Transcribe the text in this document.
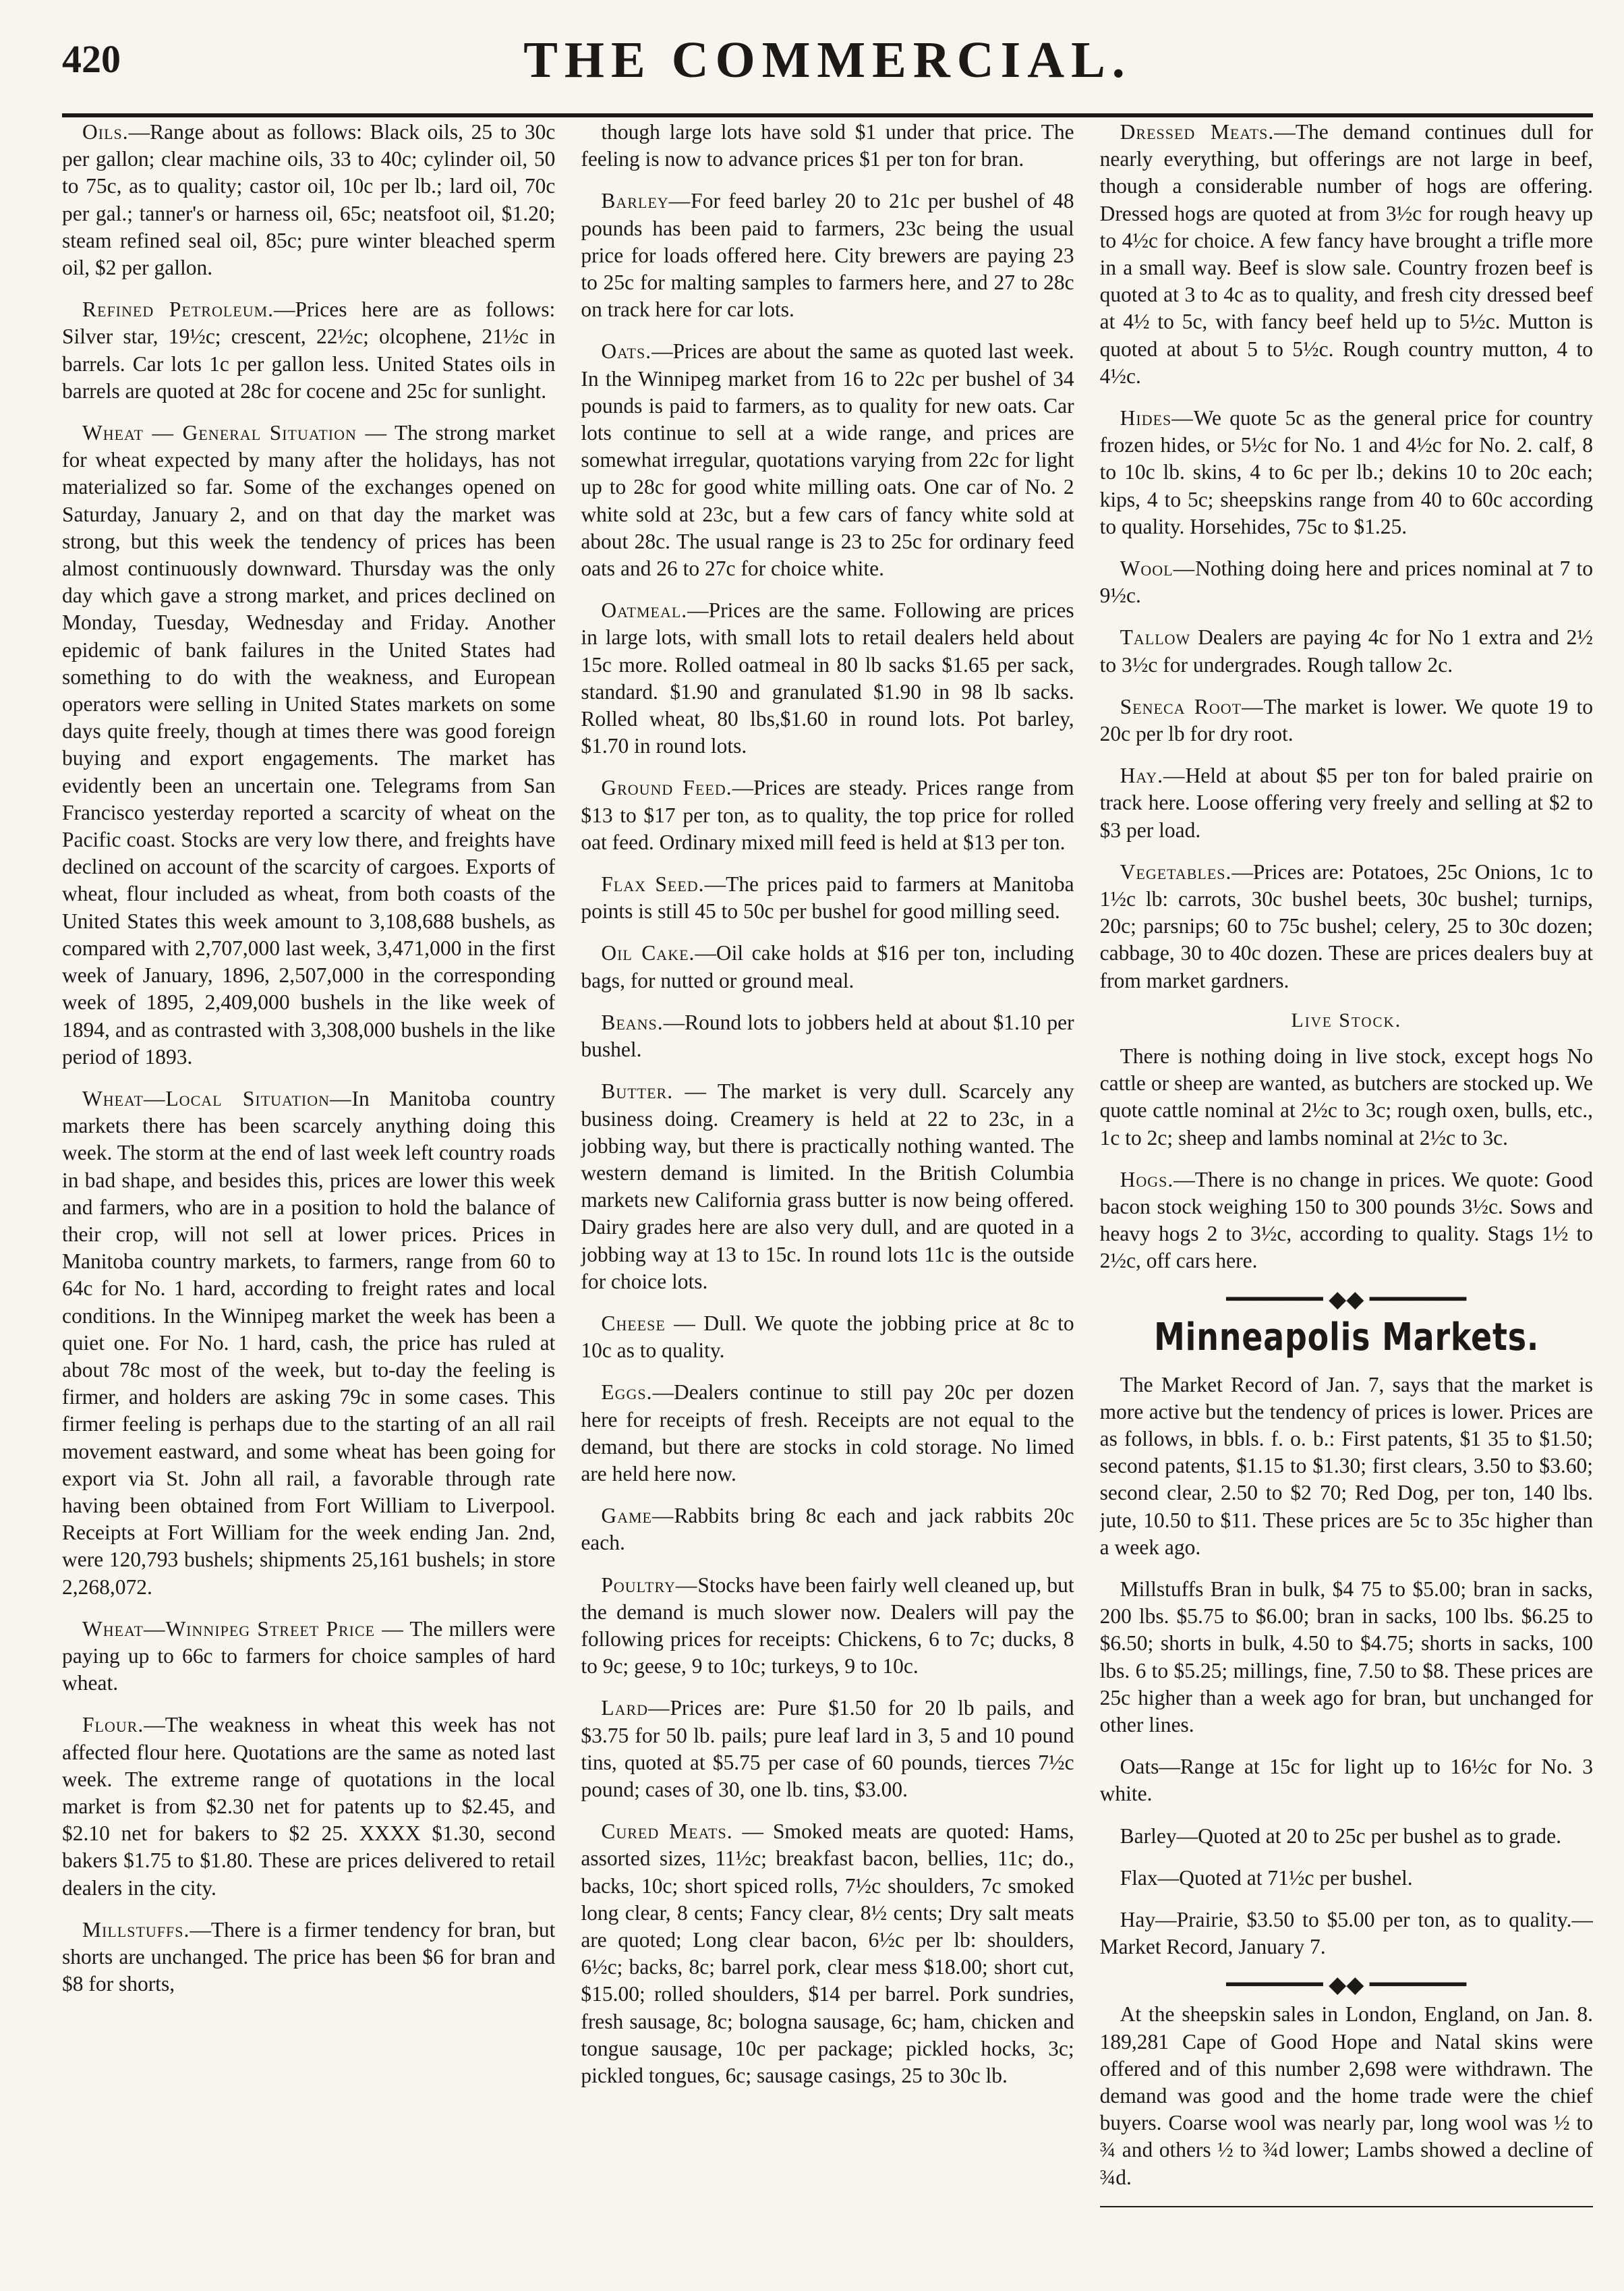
420	THE COMMERCIAL.

Oils.—Range about as follows: Black oils, 25 to 30c per gallon; clear machine oils, 33 to 40c; cylinder oil, 50 to 75c, as to quality; castor oil, 10c per lb.; lard oil, 70c per gal.; tanner's or harness oil, 65c; neatsfoot oil, $1.20; steam refined seal oil, 85c; pure winter bleached sperm oil, $2 per gallon.

Refined Petroleum.—Prices here are as follows: Silver star, 19½c; crescent, 22½c; olcophene, 21½c in barrels. Car lots 1c per gallon less. United States oils in barrels are quoted at 28c for cocene and 25c for sunlight.

Wheat — General Situation — The strong market for wheat expected by many after the holidays, has not materialized so far. Some of the exchanges opened on Saturday, January 2, and on that day the market was strong, but this week the tendency of prices has been almost continuously downward. Thursday was the only day which gave a strong market, and prices declined on Monday, Tuesday, Wednesday and Friday. Another epidemic of bank failures in the United States had something to do with the weakness, and European operators were selling in United States markets on some days quite freely, though at times there was good foreign buying and export engagements. The market has evidently been an uncertain one. Telegrams from San Francisco yesterday reported a scarcity of wheat on the Pacific coast. Stocks are very low there, and freights have declined on account of the scarcity of cargoes. Exports of wheat, flour included as wheat, from both coasts of the United States this week amount to 3,108,688 bushels, as compared with 2,707,000 last week, 3,471,000 in the first week of January, 1896, 2,507,000 in the corresponding week of 1895, 2,409,000 bushels in the like week of 1894, and as contrasted with 3,308,000 bushels in the like period of 1893.

Wheat—Local Situation—In Manitoba country markets there has been scarcely anything doing this week. The storm at the end of last week left country roads in bad shape, and besides this, prices are lower this week and farmers, who are in a position to hold the balance of their crop, will not sell at lower prices. Prices in Manitoba country markets, to farmers, range from 60 to 64c for No. 1 hard, according to freight rates and local conditions. In the Winnipeg market the week has been a quiet one. For No. 1 hard, cash, the price has ruled at about 78c most of the week, but to-day the feeling is firmer, and holders are asking 79c in some cases. This firmer feeling is perhaps due to the starting of an all rail movement eastward, and some wheat has been going for export via St. John all rail, a favorable through rate having been obtained from Fort William to Liverpool. Receipts at Fort William for the week ending Jan. 2nd, were 120,793 bushels; shipments 25,161 bushels; in store 2,268,072.

Wheat—Winnipeg Street Price — The millers were paying up to 66c to farmers for choice samples of hard wheat.

Flour.—The weakness in wheat this week has not affected flour here. Quotations are the same as noted last week. The extreme range of quotations in the local market is from $2.30 net for patents up to $2.45, and $2.10 net for bakers to $2 25. XXXX $1.30, second bakers $1.75 to $1.80. These are prices delivered to retail dealers in the city.

Millstuffs.—There is a firmer tendency for bran, but shorts are unchanged. The price has been $6 for bran and $8 for shorts,

though large lots have sold $1 under that price. The feeling is now to advance prices $1 per ton for bran.

Barley—For feed barley 20 to 21c per bushel of 48 pounds has been paid to farmers, 23c being the usual price for loads offered here. City brewers are paying 23 to 25c for malting samples to farmers here, and 27 to 28c on track here for car lots.

Oats.—Prices are about the same as quoted last week. In the Winnipeg market from 16 to 22c per bushel of 34 pounds is paid to farmers, as to quality for new oats. Car lots continue to sell at a wide range, and prices are somewhat irregular, quotations varying from 22c for light up to 28c for good white milling oats. One car of No. 2 white sold at 23c, but a few cars of fancy white sold at about 28c. The usual range is 23 to 25c for ordinary feed oats and 26 to 27c for choice white.

Oatmeal.—Prices are the same. Following are prices in large lots, with small lots to retail dealers held about 15c more. Rolled oatmeal in 80 lb sacks $1.65 per sack, standard. $1.90 and granulated $1.90 in 98 lb sacks. Rolled wheat, 80 lbs,$1.60 in round lots. Pot barley, $1.70 in round lots.

Ground Feed.—Prices are steady. Prices range from $13 to $17 per ton, as to quality, the top price for rolled oat feed. Ordinary mixed mill feed is held at $13 per ton.

Flax Seed.—The prices paid to farmers at Manitoba points is still 45 to 50c per bushel for good milling seed.

Oil Cake.—Oil cake holds at $16 per ton, including bags, for nutted or ground meal.

Beans.—Round lots to jobbers held at about $1.10 per bushel.

Butter. — The market is very dull. Scarcely any business doing. Creamery is held at 22 to 23c, in a jobbing way, but there is practically nothing wanted. The western demand is limited. In the British Columbia markets new California grass butter is now being offered. Dairy grades here are also very dull, and are quoted in a jobbing way at 13 to 15c. In round lots 11c is the outside for choice lots.

Cheese — Dull. We quote the jobbing price at 8c to 10c as to quality.

Eggs.—Dealers continue to still pay 20c per dozen here for receipts of fresh. Receipts are not equal to the demand, but there are stocks in cold storage. No limed are held here now.

Game—Rabbits bring 8c each and jack rabbits 20c each.

Poultry—Stocks have been fairly well cleaned up, but the demand is much slower now. Dealers will pay the following prices for receipts: Chickens, 6 to 7c; ducks, 8 to 9c; geese, 9 to 10c; turkeys, 9 to 10c.

Lard—Prices are: Pure $1.50 for 20 lb pails, and $3.75 for 50 lb. pails; pure leaf lard in 3, 5 and 10 pound tins, quoted at $5.75 per case of 60 pounds, tierces 7½c pound; cases of 30, one lb. tins, $3.00.

Cured Meats. — Smoked meats are quoted: Hams, assorted sizes, 11½c; breakfast bacon, bellies, 11c; do., backs, 10c; short spiced rolls, 7½c shoulders, 7c smoked long clear, 8 cents; Fancy clear, 8½ cents; Dry salt meats are quoted; Long clear bacon, 6½c per lb: shoulders, 6½c; backs, 8c; barrel pork, clear mess $18.00; short cut, $15.00; rolled shoulders, $14 per barrel. Pork sundries, fresh sausage, 8c; bologna sausage, 6c; ham, chicken and tongue sausage, 10c per package; pickled hocks, 3c; pickled tongues, 6c; sausage casings, 25 to 30c lb.

Dressed Meats.—The demand continues dull for nearly everything, but offerings are not large in beef, though a considerable number of hogs are offering. Dressed hogs are quoted at from 3½c for rough heavy up to 4½c for choice. A few fancy have brought a trifle more in a small way. Beef is slow sale. Country frozen beef is quoted at 3 to 4c as to quality, and fresh city dressed beef at 4½ to 5c, with fancy beef held up to 5½c. Mutton is quoted at about 5 to 5½c. Rough country mutton, 4 to 4½c.

Hides—We quote 5c as the general price for country frozen hides, or 5½c for No. 1 and 4½c for No. 2. calf, 8 to 10c lb. skins, 4 to 6c per lb.; dekins 10 to 20c each; kips, 4 to 5c; sheepskins range from 40 to 60c according to quality. Horsehides, 75c to $1.25.

Wool—Nothing doing here and prices nominal at 7 to 9½c.

Tallow Dealers are paying 4c for No 1 extra and 2½ to 3½c for undergrades. Rough tallow 2c.

Seneca Root—The market is lower. We quote 19 to 20c per lb for dry root.

Hay.—Held at about $5 per ton for baled prairie on track here. Loose offering very freely and selling at $2 to $3 per load.

Vegetables.—Prices are: Potatoes, 25c Onions, 1c to 1½c lb: carrots, 30c bushel beets, 30c bushel; turnips, 20c; parsnips; 60 to 75c bushel; celery, 25 to 30c dozen; cabbage, 30 to 40c dozen. These are prices dealers buy at from market gardners.

Live Stock.

There is nothing doing in live stock, except hogs No cattle or sheep are wanted, as butchers are stocked up. We quote cattle nominal at 2½c to 3c; rough oxen, bulls, etc., 1c to 2c; sheep and lambs nominal at 2½c to 3c.

Hogs.—There is no change in prices. We quote: Good bacon stock weighing 150 to 300 pounds 3½c. Sows and heavy hogs 2 to 3½c, according to quality. Stags 1½ to 2½c, off cars here.

━━━━━━━ ◆◆ ━━━━━━━
Minneapolis Markets.

The Market Record of Jan. 7, says that the market is more active but the tendency of prices is lower. Prices are as follows, in bbls. f. o. b.: First patents, $1 35 to $1.50; second patents, $1.15 to $1.30; first clears, 3.50 to $3.60; second clear, 2.50 to $2 70; Red Dog, per ton, 140 lbs. jute, 10.50 to $11. These prices are 5c to 35c higher than a week ago.

Millstuffs Bran in bulk, $4 75 to $5.00; bran in sacks, 200 lbs. $5.75 to $6.00; bran in sacks, 100 lbs. $6.25 to $6.50; shorts in bulk, 4.50 to $4.75; shorts in sacks, 100 lbs. 6 to $5.25; millings, fine, 7.50 to $8. These prices are 25c higher than a week ago for bran, but unchanged for other lines.

Oats—Range at 15c for light up to 16½c for No. 3 white.

Barley—Quoted at 20 to 25c per bushel as to grade.

Flax—Quoted at 71½c per bushel.

Hay—Prairie, $3.50 to $5.00 per ton, as to quality.—Market Record, January 7.

━━━━━━━ ◆◆ ━━━━━━━

At the sheepskin sales in London, England, on Jan. 8. 189,281 Cape of Good Hope and Natal skins were offered and of this number 2,698 were withdrawn. The demand was good and the home trade were the chief buyers. Coarse wool was nearly par, long wool was ½ to ¾ and others ½ to ¾d lower; Lambs showed a decline of ¾d.
